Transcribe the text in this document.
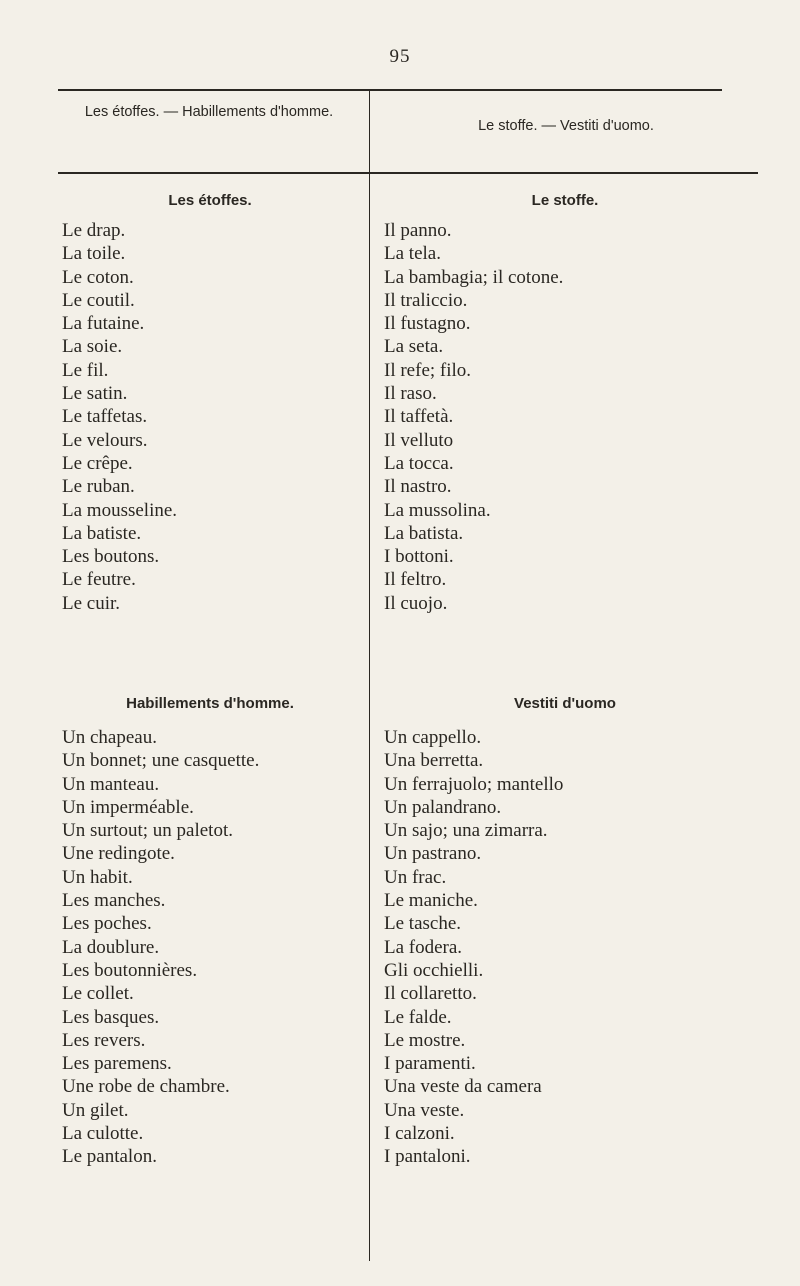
95
Les étoffes. — Habillements d'homme.
Le stoffe. — Vestiti d'uomo.
Les étoffes.	Le stoffe.
Le drap.
La toile.
Le coton.
Le coutil.
La futaine.
La soie.
Le fil.
Le satin.
Le taffetas.
Le velours.
Le crêpe.
Le ruban.
La mousseline.
La batiste.
Les boutons.
Le feutre.
Le cuir.
Il panno.
La tela.
La bambagia; il cotone.
Il traliccio.
Il fustagno.
La seta.
Il refe; filo.
Il raso.
Il taffetà.
Il velluto
La tocca.
Il nastro.
La mussolina.
La batista.
I bottoni.
Il feltro.
Il cuojo.
Habillements d'homme.	Vestiti d'uomo
Un chapeau.
Un bonnet; une casquette.
Un manteau.
Un imperméable.
Un surtout; un paletot.
Une redingote.
Un habit.
Les manches.
Les poches.
La doublure.
Les boutonnières.
Le collet.
Les basques.
Les revers.
Les paremens.
Une robe de chambre.
Un gilet.
La culotte.
Le pantalon.
Un cappello.
Una berretta.
Un ferrajuolo; mantello
Un palandrano.
Un sajo; una zimarra.
Un pastrano.
Un frac.
Le maniche.
Le tasche.
La fodera.
Gli occhielli.
Il collaretto.
Le falde.
Le mostre.
I paramenti.
Una veste da camera
Una veste.
I calzoni.
I pantaloni.
